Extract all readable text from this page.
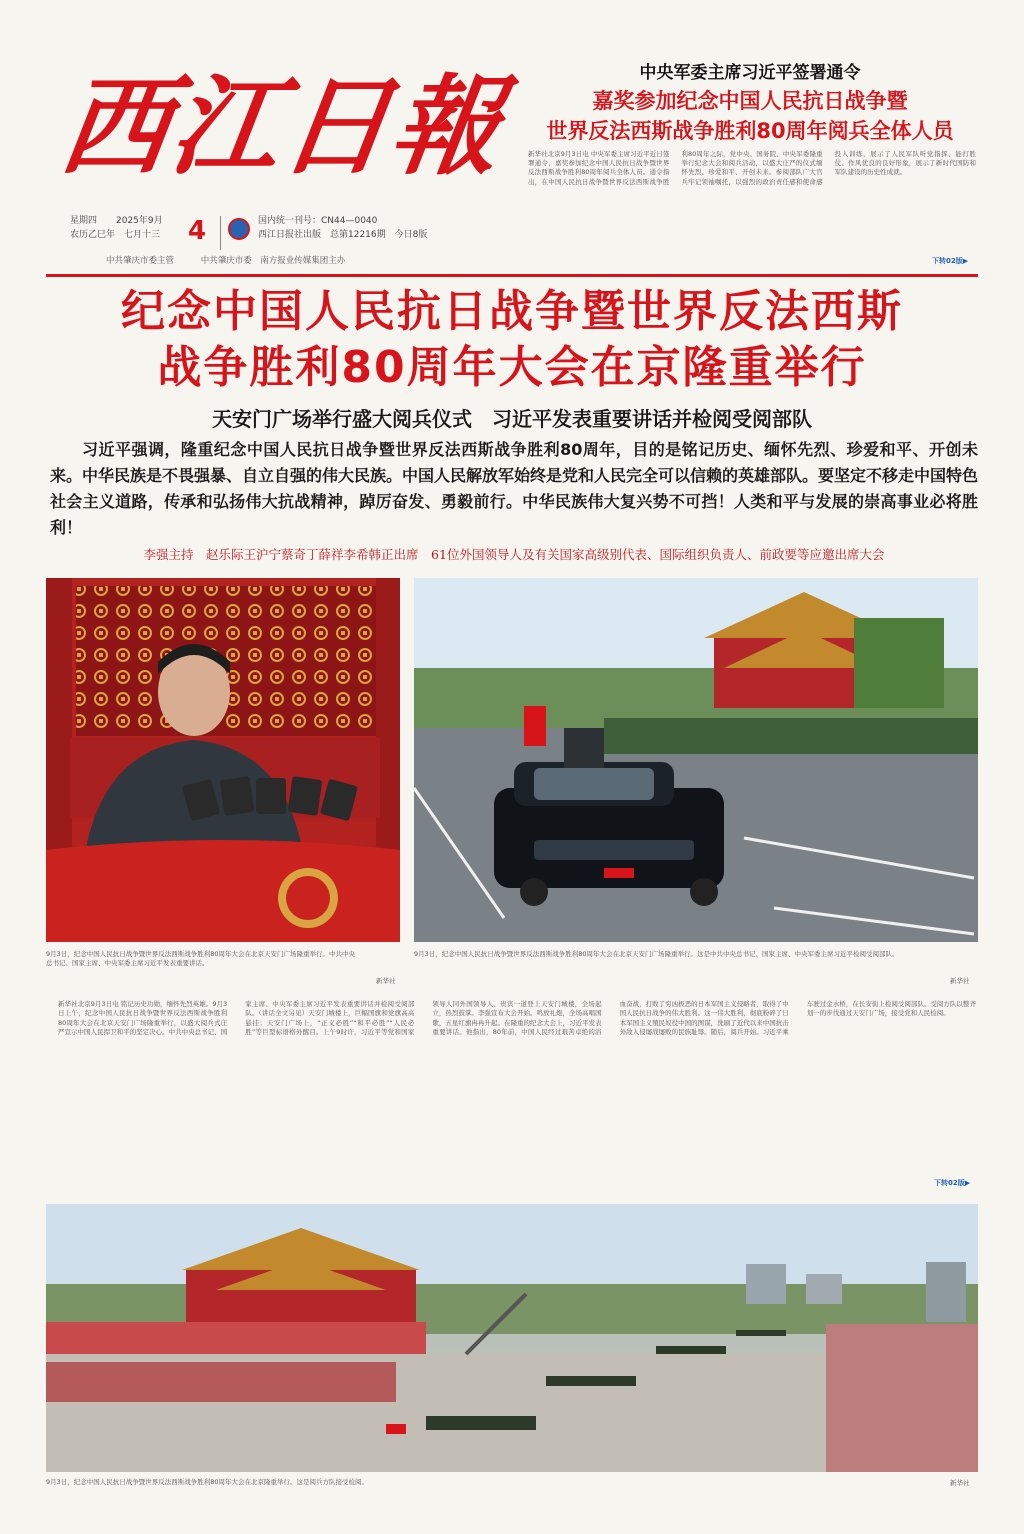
西江日報
星期四 2025年9月
农历乙巳年　七月十三 4	国内统一刊号：CN44—0040
西江日报社出版　总第12216期　今日8版
中共肇庆市委主管	中共肇庆市委　南方报业传媒集团主办
中央军委主席习近平签署通令
嘉奖参加纪念中国人民抗日战争暨
世界反法西斯战争胜利80周年阅兵全体人员
新华社北京9月3日电 中央军委主席习近平近日签署通令，嘉奖参加纪念中国人民抗日战争暨世界反法西斯战争胜利80周年阅兵全体人员。通令指出，在中国人民抗日战争暨世界反法西斯战争胜利80周年之际，党中央、国务院、中央军委隆重举行纪念大会和阅兵活动，以盛大庄严的仪式缅怀先烈、珍爱和平、开创未来。参阅部队广大官兵牢记领袖嘱托，以强烈的政治责任感和使命感投入训练，展示了人民军队听党指挥、能打胜仗、作风优良的良好形象，展示了新时代国防和军队建设的历史性成就。
下转02版▶
纪念中国人民抗日战争暨世界反法西斯
战争胜利80周年大会在京隆重举行
天安门广场举行盛大阅兵仪式　习近平发表重要讲话并检阅受阅部队
习近平强调，隆重纪念中国人民抗日战争暨世界反法西斯战争胜利80周年，目的是铭记历史、缅怀先烈、珍爱和平、开创未来。中华民族是不畏强暴、自立自强的伟大民族。中国人民解放军始终是党和人民完全可以信赖的英雄部队。要坚定不移走中国特色社会主义道路，传承和弘扬伟大抗战精神，踔厉奋发、勇毅前行。中华民族伟大复兴势不可挡！人类和平与发展的崇高事业必将胜利！
李强主持　赵乐际王沪宁蔡奇丁薛祥李希韩正出席　61位外国领导人及有关国家高级别代表、国际组织负责人、前政要等应邀出席大会
9月3日，纪念中国人民抗日战争暨世界反法西斯战争胜利80周年大会在北京天安门广场隆重举行。中共中央总书记、国家主席、中央军委主席习近平发表重要讲话。
新华社
9月3日，纪念中国人民抗日战争暨世界反法西斯战争胜利80周年大会在北京天安门广场隆重举行。这是中共中央总书记、国家主席、中央军委主席习近平检阅受阅部队。
新华社
新华社北京9月3日电 铭记历史功勋，缅怀先烈英雄。9月3日上午，纪念中国人民抗日战争暨世界反法西斯战争胜利80周年大会在北京天安门广场隆重举行，以盛大阅兵式庄严宣示中国人民捍卫和平的坚定决心。中共中央总书记、国家主席、中央军委主席习近平发表重要讲话并检阅受阅部队。（讲话全文另见）天安门城楼上，巨幅国旗和党旗高高悬挂；天安门广场上，“正义必胜”“和平必胜”“人民必胜”等巨型标语格外醒目。上午9时许，习近平等党和国家领导人同外国领导人、贵宾一道登上天安门城楼，全场起立，热烈鼓掌。李强宣布大会开始。鸣放礼炮，全场高唱国歌，五星红旗冉冉升起。在隆重的纪念大会上，习近平发表重要讲话。他指出，80年前，中国人民经过艰苦卓绝的浴血奋战，打败了穷凶极恶的日本军国主义侵略者，取得了中国人民抗日战争的伟大胜利。这一伟大胜利，彻底粉碎了日本军国主义殖民奴役中国的图谋，洗刷了近代以来中国抗击外敌入侵屡战屡败的民族耻辱。随后，阅兵开始。习近平乘车驶过金水桥，在长安街上检阅受阅部队。受阅方队以整齐划一的步伐通过天安门广场，接受党和人民检阅。
下转02版▶
9月3日，纪念中国人民抗日战争暨世界反法西斯战争胜利80周年大会在北京隆重举行。这是阅兵方队接受检阅。	新华社
